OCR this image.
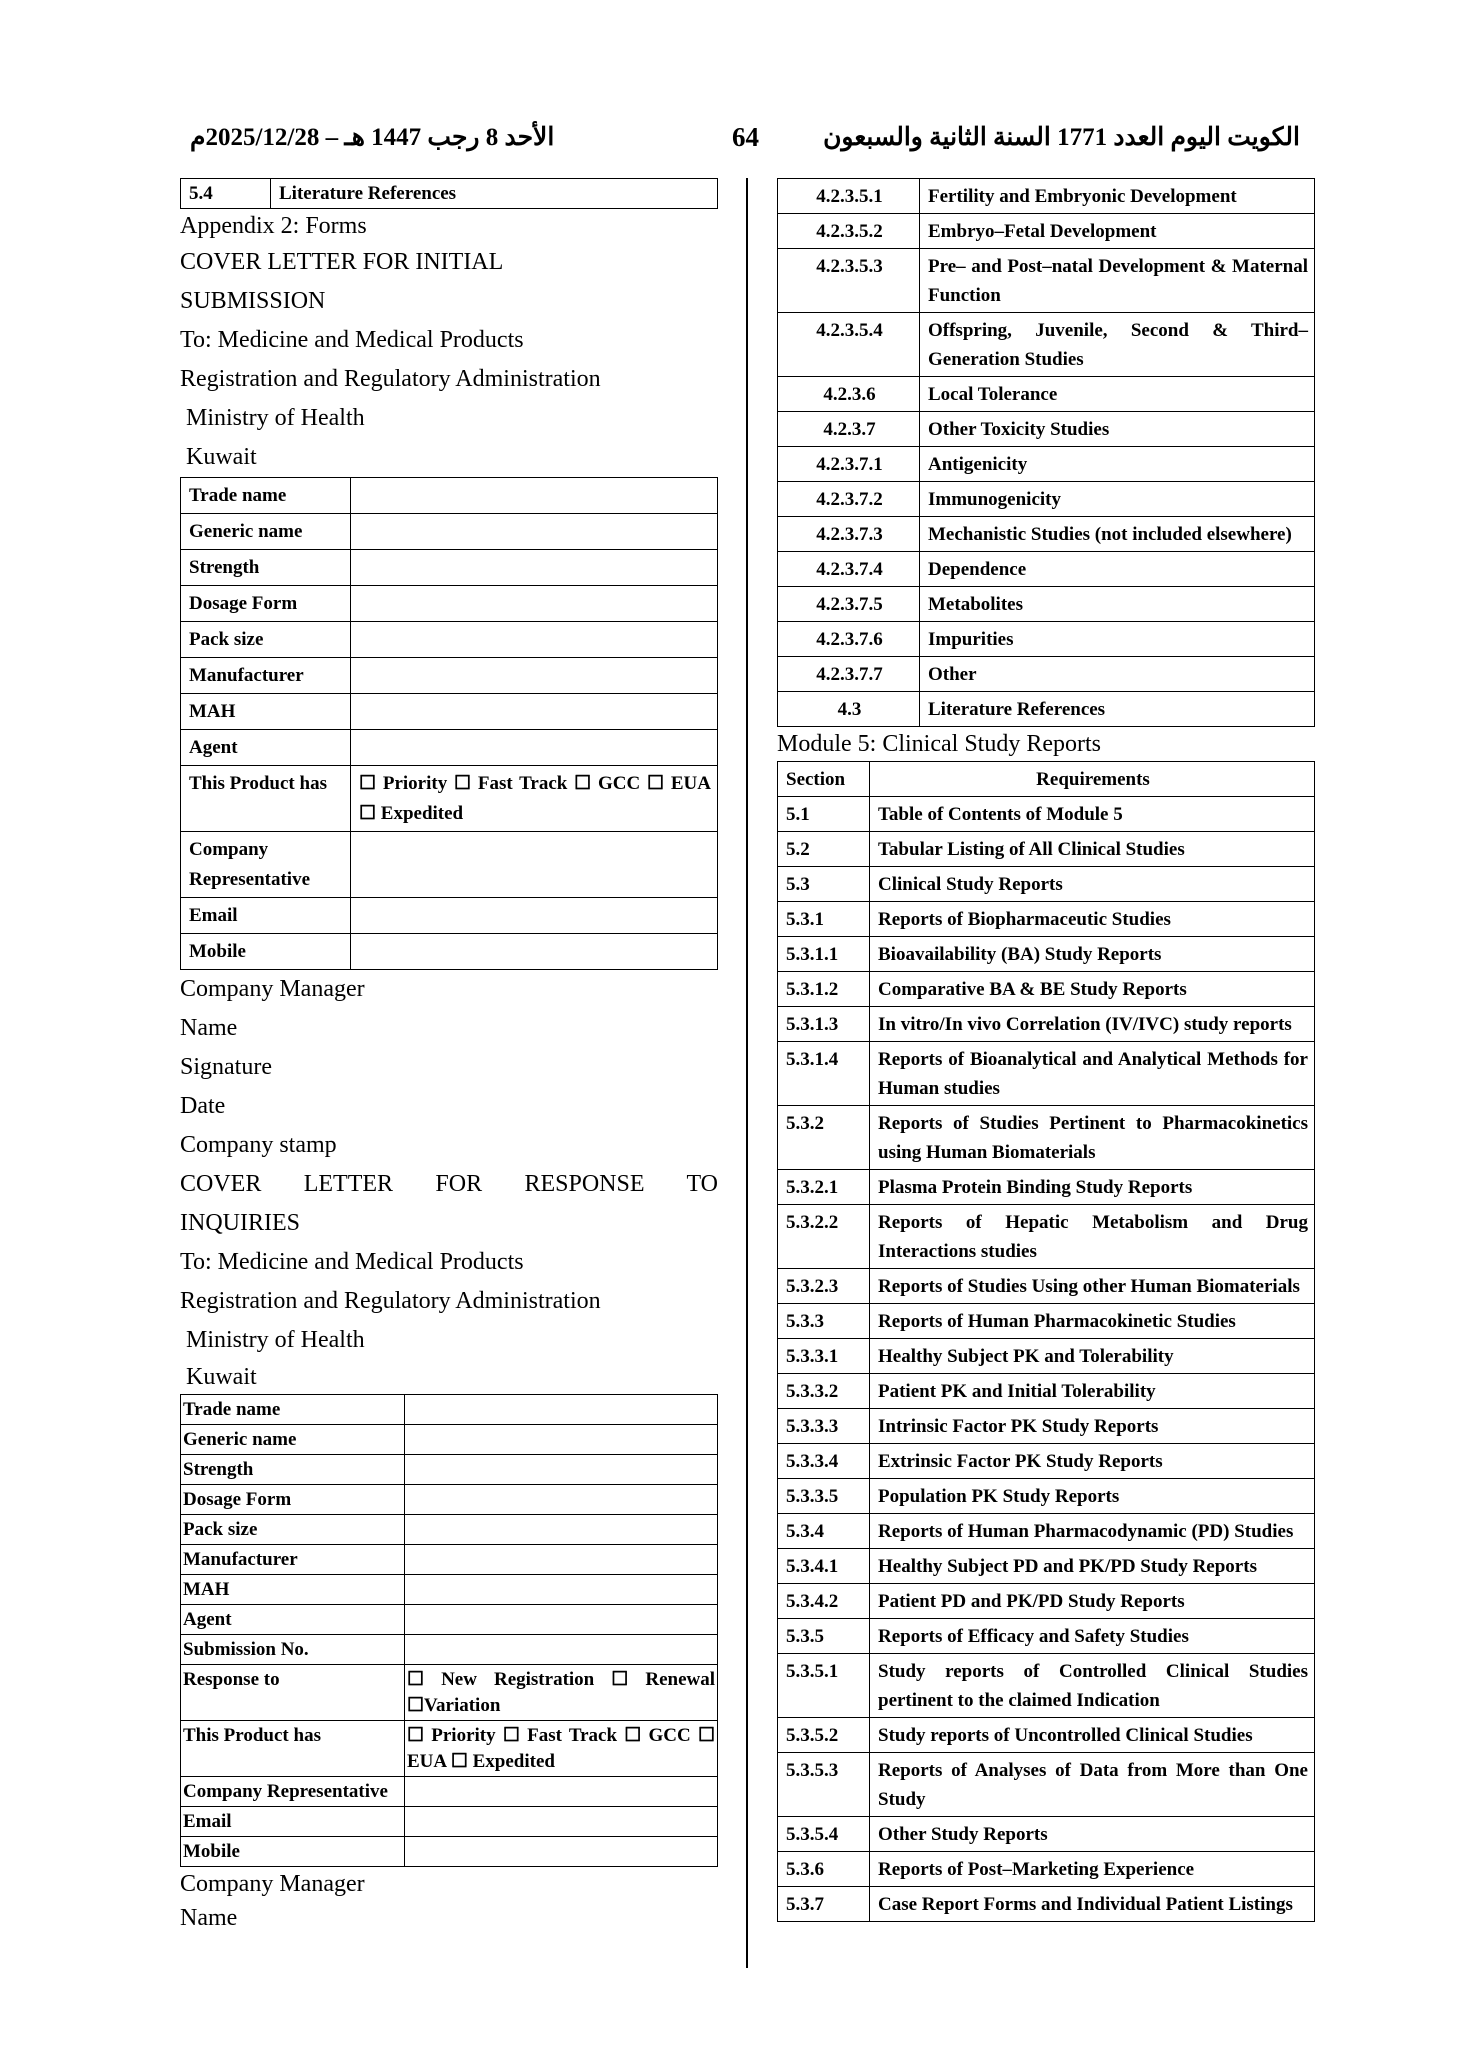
الكويت اليوم العدد 1771 السنة الثانية والسبعون
64
الأحد 8 رجب 1447 هـ – 2025/12/28م
5.4	Literature References

Appendix 2: Forms

COVER LETTER FOR INITIAL

SUBMISSION

To: Medicine and Medical Products

Registration and Regulatory Administration

Ministry of Health

Kuwait

Trade name	
Generic name	
Strength	
Dosage Form	
Pack size	
Manufacturer	
MAH	
Agent	
This Product has	☐ Priority ☐ Fast Track ☐ GCC ☐ EUA ☐ Expedited
Company Representative	
Email	
Mobile	

Company Manager

Name

Signature

Date

Company stamp

COVER LETTER FOR RESPONSE TO

INQUIRIES

To: Medicine and Medical Products

Registration and Regulatory Administration

Ministry of Health

Kuwait

Trade name	
Generic name	
Strength	
Dosage Form	
Pack size	
Manufacturer	
MAH	
Agent	
Submission No.	
Response to	☐ New Registration ☐ Renewal ☐Variation
This Product has	☐ Priority ☐ Fast Track ☐ GCC ☐ EUA ☐ Expedited
Company Representative	
Email	
Mobile	

Company Manager

Name

4.2.3.5.1	Fertility and Embryonic Development
4.2.3.5.2	Embryo–Fetal Development
4.2.3.5.3	Pre– and Post–natal Development & Maternal Function
4.2.3.5.4	Offspring, Juvenile, Second & Third–Generation Studies
4.2.3.6	Local Tolerance
4.2.3.7	Other Toxicity Studies
4.2.3.7.1	Antigenicity
4.2.3.7.2	Immunogenicity
4.2.3.7.3	Mechanistic Studies (not included elsewhere)
4.2.3.7.4	Dependence
4.2.3.7.5	Metabolites
4.2.3.7.6	Impurities
4.2.3.7.7	Other
4.3	Literature References

Module 5: Clinical Study Reports

Section	Requirements
5.1	Table of Contents of Module 5
5.2	Tabular Listing of All Clinical Studies
5.3	Clinical Study Reports
5.3.1	Reports of Biopharmaceutic Studies
5.3.1.1	Bioavailability (BA) Study Reports
5.3.1.2	Comparative BA & BE Study Reports
5.3.1.3	In vitro/In vivo Correlation (IV/IVC) study reports
5.3.1.4	Reports of Bioanalytical and Analytical Methods for Human studies
5.3.2	Reports of Studies Pertinent to Pharmacokinetics using Human Biomaterials
5.3.2.1	Plasma Protein Binding Study Reports
5.3.2.2	Reports of Hepatic Metabolism and Drug Interactions studies
5.3.2.3	Reports of Studies Using other Human Biomaterials
5.3.3	Reports of Human Pharmacokinetic Studies
5.3.3.1	Healthy Subject PK and Tolerability
5.3.3.2	Patient PK and Initial Tolerability
5.3.3.3	Intrinsic Factor PK Study Reports
5.3.3.4	Extrinsic Factor PK Study Reports
5.3.3.5	Population PK Study Reports
5.3.4	Reports of Human Pharmacodynamic (PD) Studies
5.3.4.1	Healthy Subject PD and PK/PD Study Reports
5.3.4.2	Patient PD and PK/PD Study Reports
5.3.5	Reports of Efficacy and Safety Studies
5.3.5.1	Study reports of Controlled Clinical Studies pertinent to the claimed Indication
5.3.5.2	Study reports of Uncontrolled Clinical Studies
5.3.5.3	Reports of Analyses of Data from More than One Study
5.3.5.4	Other Study Reports
5.3.6	Reports of Post–Marketing Experience
5.3.7	Case Report Forms and Individual Patient Listings
